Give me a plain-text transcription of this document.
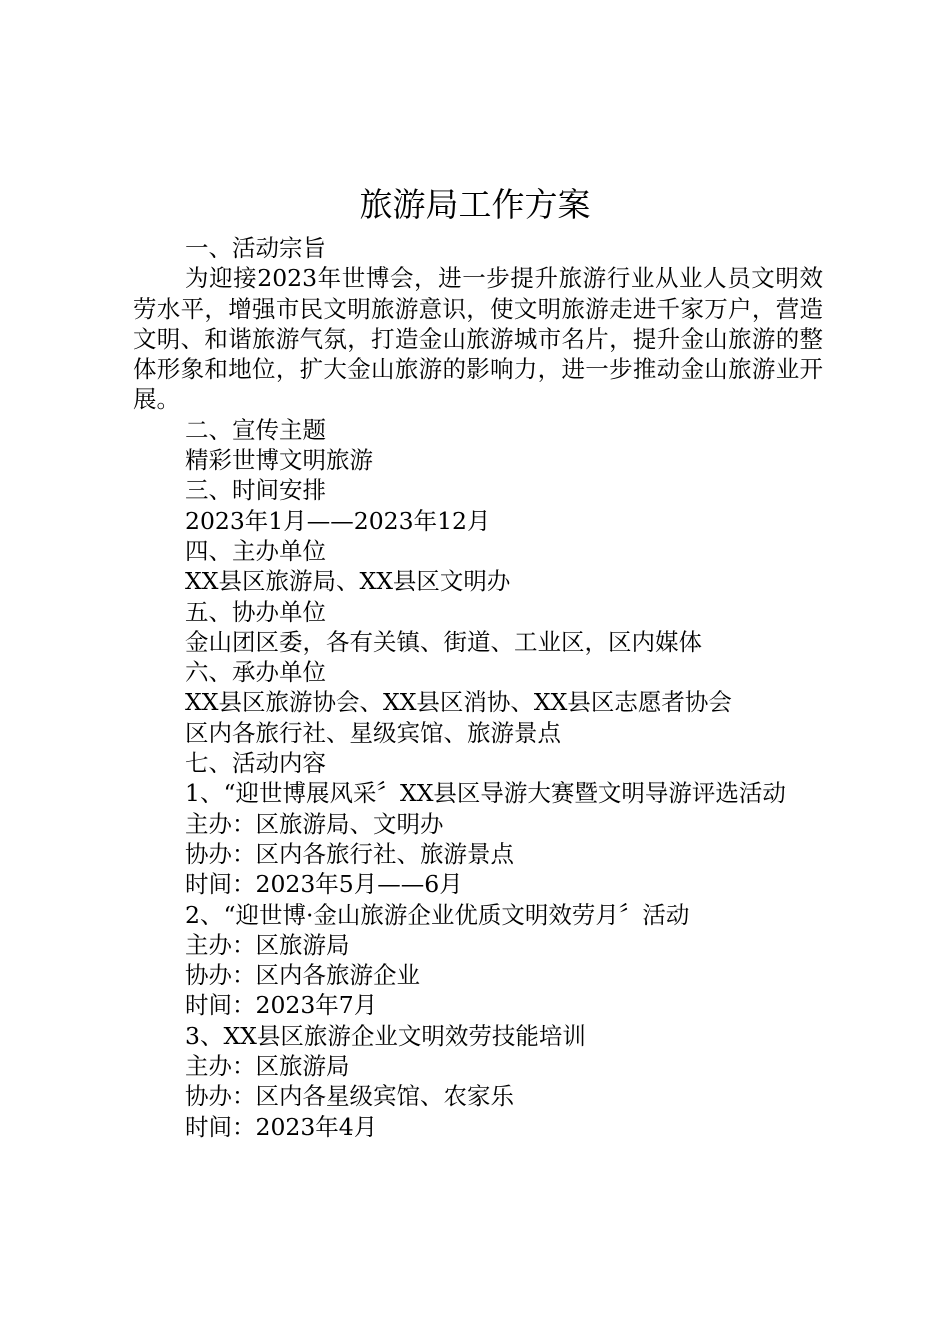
旅游局工作方案

一、活动宗旨

为迎接2023年世博会，进一步提升旅游行业从业人员文明效劳水平，增强市民文明旅游意识，使文明旅游走进千家万户，营造文明、和谐旅游气氛，打造金山旅游城市名片，提升金山旅游的整体形象和地位，扩大金山旅游的影响力，进一步推动金山旅游业开展。

二、宣传主题

精彩世博文明旅游

三、时间安排

2023年1月——2023年12月

四、主办单位

XX县区旅游局、XX县区文明办

五、协办单位

金山团区委，各有关镇、街道、工业区，区内媒体

六、承办单位

XX县区旅游协会、XX县区消协、XX县区志愿者协会

区内各旅行社、星级宾馆、旅游景点

七、活动内容

1、“迎世博展风采〞XX县区导游大赛暨文明导游评选活动

主办：区旅游局、文明办

协办：区内各旅行社、旅游景点

时间：2023年5月——6月

2、“迎世博·金山旅游企业优质文明效劳月〞活动

主办：区旅游局

协办：区内各旅游企业

时间：2023年7月

3、XX县区旅游企业文明效劳技能培训

主办：区旅游局

协办：区内各星级宾馆、农家乐

时间：2023年4月
